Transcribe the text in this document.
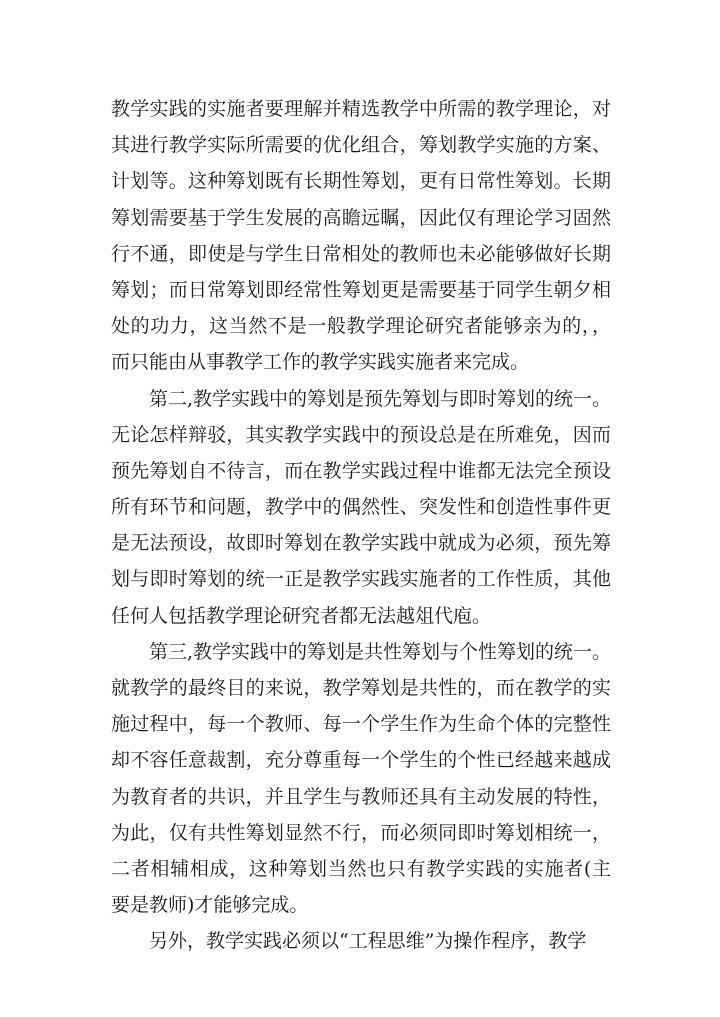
教学实践的实施者要理解并精选教学中所需的教学理论，对
其进行教学实际所需要的优化组合，筹划教学实施的方案、
计划等。这种筹划既有长期性筹划，更有日常性筹划。长期
筹划需要基于学生发展的高瞻远瞩，因此仅有理论学习固然
行不通，即使是与学生日常相处的教师也未必能够做好长期
筹划；而日常筹划即经常性筹划更是需要基于同学生朝夕相
处的功力，这当然不是一般教学理论研究者能够亲为的，，
而只能由从事教学工作的教学实践实施者来完成。
第二,教学实践中的筹划是预先筹划与即时筹划的统一。
无论怎样辩驳，其实教学实践中的预设总是在所难免，因而
预先筹划自不待言，而在教学实践过程中谁都无法完全预设
所有环节和问题，教学中的偶然性、突发性和创造性事件更
是无法预设，故即时筹划在教学实践中就成为必须，预先筹
划与即时筹划的统一正是教学实践实施者的工作性质，其他
任何人包括教学理论研究者都无法越俎代庖。
第三,教学实践中的筹划是共性筹划与个性筹划的统一。
就教学的最终目的来说，教学筹划是共性的，而在教学的实
施过程中，每一个教师、每一个学生作为生命个体的完整性
却不容任意裁割，充分尊重每一个学生的个性已经越来越成
为教育者的共识，并且学生与教师还具有主动发展的特性，
为此，仅有共性筹划显然不行，而必须同即时筹划相统一，
二者相辅相成，这种筹划当然也只有教学实践的实施者(主
要是教师)才能够完成。
另外，教学实践必须以“工程思维”为操作程序，教学
